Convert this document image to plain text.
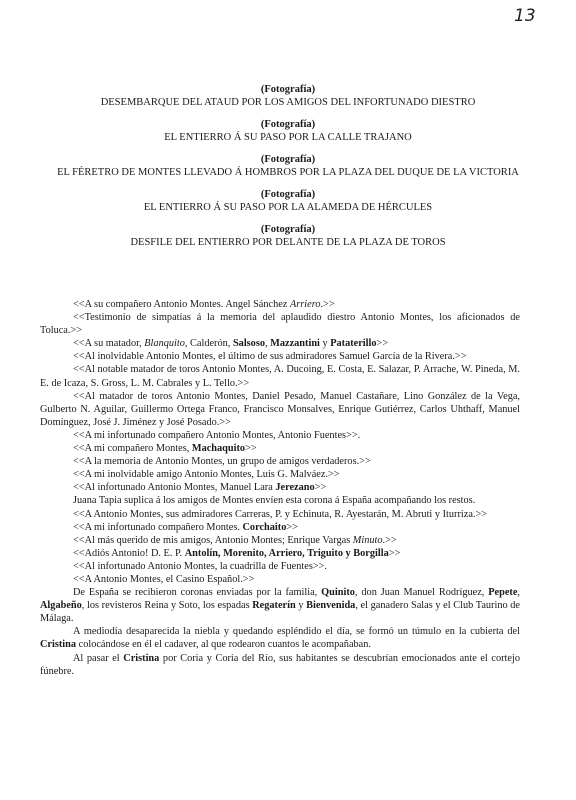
13
(Fotografía)
DESEMBARQUE DEL ATAUD POR LOS AMIGOS DEL INFORTUNADO DIESTRO
(Fotografía)
EL ENTIERRO Á SU PASO POR LA CALLE TRAJANO
(Fotografía)
EL FÉRETRO DE MONTES LLEVADO Á HOMBROS POR LA PLAZA DEL DUQUE DE LA VICTORIA
(Fotografía)
EL ENTIERRO Á SU PASO POR LA ALAMEDA DE HÉRCULES
(Fotografía)
DESFILE DEL ENTIERRO POR DELANTE DE LA PLAZA DE TOROS

<<A su compañero Antonio Montes. Angel Sánchez Arriero.>>

<<Testimonio de simpatías á la memoria del aplaudido diestro Antonio Montes, los aficionados de Toluca.>>

<<A su matador, Blanquito, Calderón, Salsoso, Mazzantini y Pataterillo>>

<<Al inolvidable Antonio Montes, el último de sus admiradores Samuel García de la Rivera.>>

<<Al notable matador de toros Antonio Montes, A. Ducoing, E. Costa, E. Salazar, P. Arrache, W. Pineda, M. E. de Icaza, S. Gross, L. M. Cabrales y L. Tello.>>

<<Al matador de toros Antonio Montes, Daniel Pesado, Manuel Castañare, Lino González de la Vega, Gulberto N. Aguilar, Guillermo Ortega Franco, Francisco Monsalves, Enrique Gutiérrez, Carlos Uhthaff, Manuel Domínguez, José J. Jiménez y José Posado.>>

<<A mi infortunado compañero Antonio Montes, Antonio Fuentes>>.

<<A mi compañero Montes, Machaquito>>

<<A la memoria de Antonio Montes, un grupo de amigos verdaderos.>>

<<A mi inolvidable amigo Antonio Montes, Luis G. Malváez.>>

<<Al infortunado Antonio Montes, Manuel Lara Jerezano>>

Juana Tapia suplica á los amigos de Montes envíen esta corona á España acompañando los restos.

<<A Antonio Montes, sus admiradores Carreras, P. y Echinuta, R. Ayestarán, M. Abruti y Iturriza.>>

<<A mi infortunado compañero Montes. Corchaito>>

<<Al más querido de mis amigos, Antonio Montes; Enrique Vargas Minuto.>>

<<Adiós Antonio! D. E. P. Antolín, Morenito, Arriero, Triguito y Borgilla>>

<<Al infortunado Antonio Montes, la cuadrilla de Fuentes>>.

<<A Antonio Montes, el Casino Español.>>

De España se recibieron coronas enviadas por la familia, Quinito, don Juan Manuel Rodríguez, Pepete, Algabeño, los revisteros Reina y Soto, los espadas Regaterín y Bienvenida, el ganadero Salas y el Club Taurino de Málaga.

A mediodía desaparecida la niebla y quedando espléndido el día, se formó un túmulo en la cubierta del Cristina colocándose en él el cadaver, al que rodearon cuantos le acompañaban.

Al pasar el Cristina por Coria y Coria del Río, sus habitantes se descubrían emocionados ante el cortejo fúnebre.
